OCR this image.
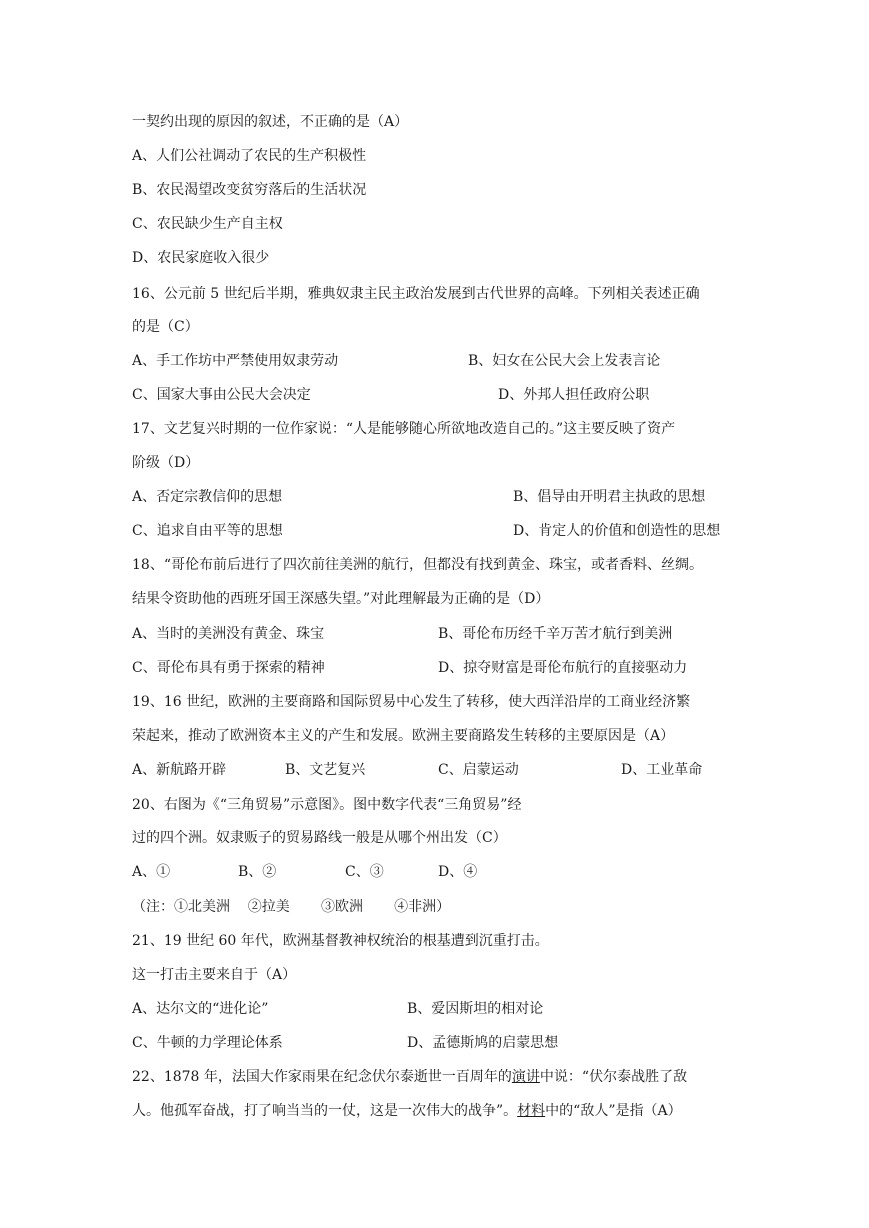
一契约出现的原因的叙述，不正确的是（A）
A、人们公社调动了农民的生产积极性
B、农民渴望改变贫穷落后的生活状况
C、农民缺少生产自主权
D、农民家庭收入很少
16、公元前 5 世纪后半期，雅典奴隶主民主政治发展到古代世界的高峰。下列相关表述正确
的是（C）
A、手工作坊中严禁使用奴隶劳动	B、妇女在公民大会上发表言论
C、国家大事由公民大会决定	D、外邦人担任政府公职
17、文艺复兴时期的一位作家说：“人是能够随心所欲地改造自己的。”这主要反映了资产
阶级（D）
A、否定宗教信仰的思想	B、倡导由开明君主执政的思想
C、追求自由平等的思想	D、肯定人的价值和创造性的思想
18、“哥伦布前后进行了四次前往美洲的航行，但都没有找到黄金、珠宝，或者香料、丝绸。
结果令资助他的西班牙国王深感失望。”对此理解最为正确的是（D）
A、当时的美洲没有黄金、珠宝	B、哥伦布历经千辛万苦才航行到美洲
C、哥伦布具有勇于探索的精神	D、掠夺财富是哥伦布航行的直接驱动力
19、16 世纪，欧洲的主要商路和国际贸易中心发生了转移，使大西洋沿岸的工商业经济繁
荣起来，推动了欧洲资本主义的产生和发展。欧洲主要商路发生转移的主要原因是（A）
A、新航路开辟	B、文艺复兴	C、启蒙运动	D、工业革命
20、右图为《“三角贸易”示意图》。图中数字代表“三角贸易”经
过的四个洲。奴隶贩子的贸易路线一般是从哪个州出发（C）
A、①	B、②	C、③	D、④
（注：①北美洲    ②拉美       ③欧洲       ④非洲）
21、19 世纪 60 年代，欧洲基督教神权统治的根基遭到沉重打击。
这一打击主要来自于（A）
A、达尔文的“进化论”	B、爱因斯坦的相对论
C、牛顿的力学理论体系	D、孟德斯鸠的启蒙思想
22、1878 年，法国大作家雨果在纪念伏尔泰逝世一百周年的演讲中说：“伏尔泰战胜了敌
人。他孤军奋战，打了响当当的一仗，这是一次伟大的战争”。材料中的“敌人”是指（A）
